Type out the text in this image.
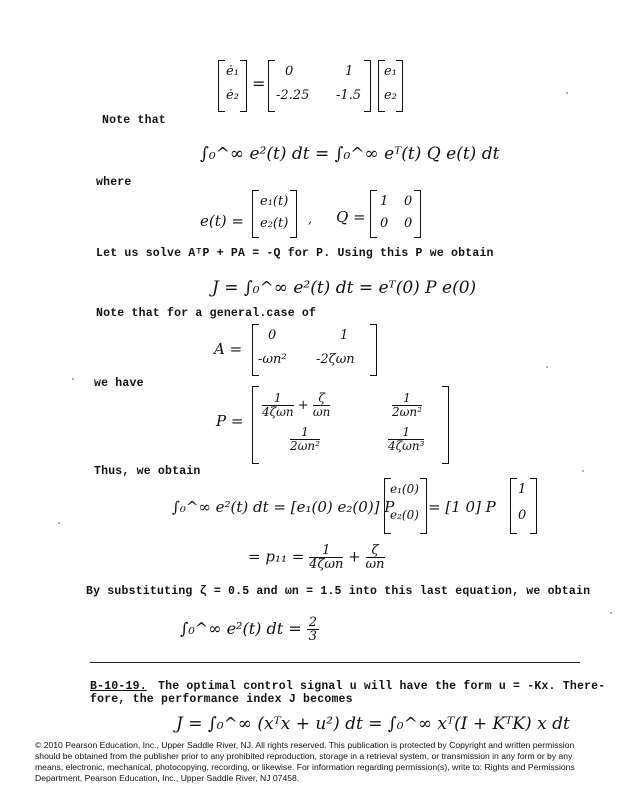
ė₁
ė₂
=
0	1
-2.25 -1.5
e₁
e₂
Note that
∫₀^∞ e²(t) dt = ∫₀^∞ eᵀ(t) Q e(t) dt
where
e(t) =
e₁(t)
e₂(t) , Q =
1 0
0 0
Let us solve AᵀP + PA = -Q for P. Using this P we obtain
J = ∫₀^∞ e²(t) dt = eᵀ(0) P e(0)
Note that for a general.case of
A =
0	1
-ωn² -2ζωn
we have
P =
$\frac{1}{\text{4ζωn}} + \frac{\zeta}{\omega n}$	$\frac{1}{\text{2ωn²}}$
$\frac{1}{\text{2ωn²}}$	$\frac{1}{\text{4ζωn³}}$
Thus, we obtain
∫₀^∞ e²(t) dt = [e₁(0) e₂(0)] P
e₁(0)
e₂(0) = [1 0] P
1
0
= $p_{11} = \frac{1}{\text{4ζωn}} + \frac{\zeta}{\omega n}$
By substituting ζ = 0.5 and ωn = 1.5 into this last equation, we obtain
∫₀^∞ e²(t) dt = $\frac{2}{3}$
B-10-19. The optimal control signal u will have the form u = -Kx. There-
fore, the performance index J becomes
J = ∫₀^∞ (xᵀx + u²) dt = ∫₀^∞ xᵀ(I + KᵀK) x dt
© 2010 Pearson Education, Inc., Upper Saddle River, NJ. All rights reserved. This publication is protected by Copyright and written permission should be obtained from the publisher prior to any prohibited reproduction, storage in a retrieval system, or transmission in any form or by any means, electronic, mechanical, photocopying, recording, or likewise. For information regarding permission(s), write to: Rights and Permissions Department, Pearson Education, Inc., Upper Saddle River, NJ 07458.
